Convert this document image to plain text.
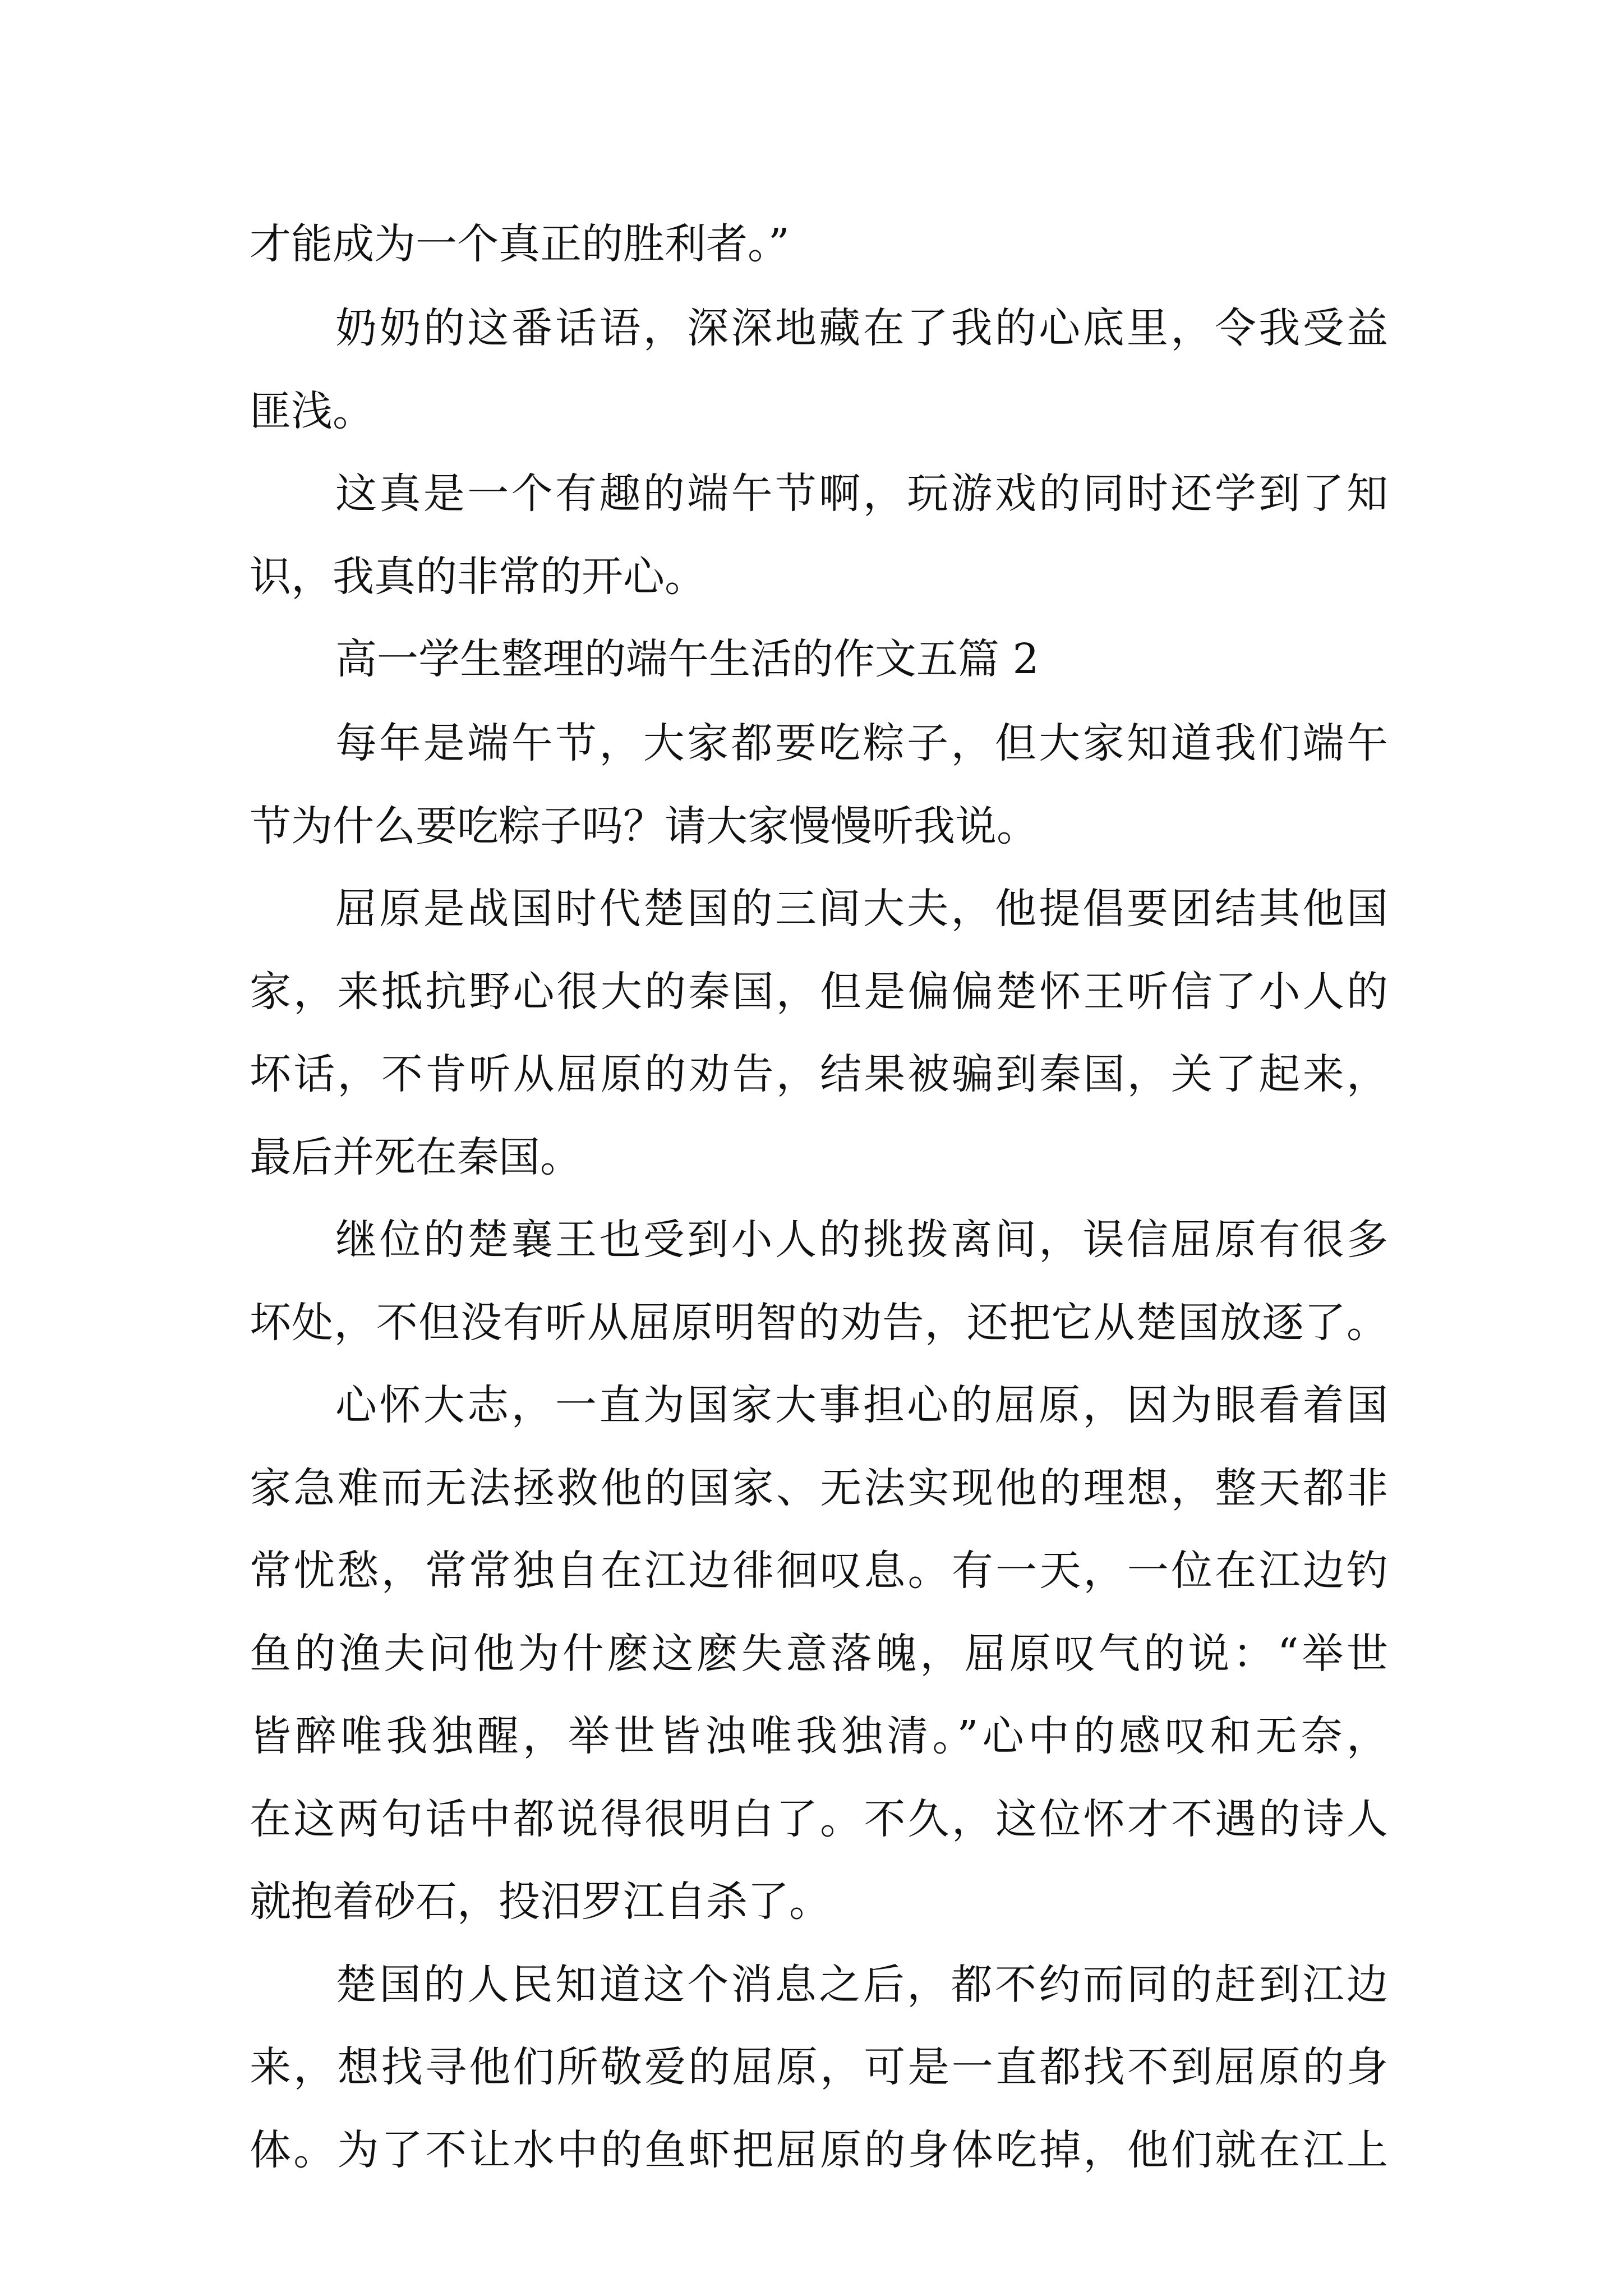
才能成为一个真正的胜利者。”
奶奶的这番话语，深深地藏在了我的心底里，令我受益
匪浅。
这真是一个有趣的端午节啊，玩游戏的同时还学到了知
识，我真的非常的开心。
高一学生整理的端午生活的作文五篇 2
每年是端午节，大家都要吃粽子，但大家知道我们端午
节为什么要吃粽子吗？请大家慢慢听我说。
屈原是战国时代楚国的三闾大夫，他提倡要团结其他国
家，来抵抗野心很大的秦国，但是偏偏楚怀王听信了小人的
坏话，不肯听从屈原的劝告，结果被骗到秦国，关了起来，
最后并死在秦国。
继位的楚襄王也受到小人的挑拨离间，误信屈原有很多
坏处，不但没有听从屈原明智的劝告，还把它从楚国放逐了。
心怀大志，一直为国家大事担心的屈原，因为眼看着国
家急难而无法拯救他的国家、无法实现他的理想，整天都非
常忧愁，常常独自在江边徘徊叹息。有一天，一位在江边钓
鱼的渔夫问他为什麽这麽失意落魄，屈原叹气的说：“举世
皆醉唯我独醒，举世皆浊唯我独清。”心中的感叹和无奈，
在这两句话中都说得很明白了。不久，这位怀才不遇的诗人
就抱着砂石，投汨罗江自杀了。
楚国的人民知道这个消息之后，都不约而同的赶到江边
来，想找寻他们所敬爱的屈原，可是一直都找不到屈原的身
体。为了不让水中的鱼虾把屈原的身体吃掉，他们就在江上
